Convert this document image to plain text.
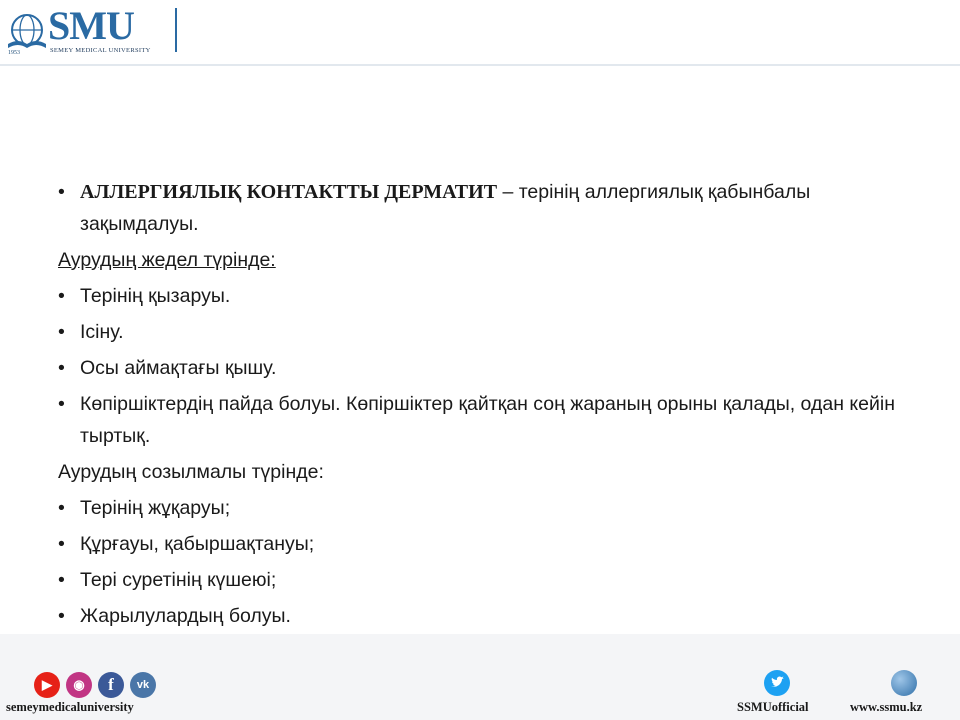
1953
SMU
SEMEY MEDICAL UNIVERSITY
• АЛЛЕРГИЯЛЫҚ КОНТАКТТЫ ДЕРМАТИТ – терінің аллергиялық қабынбалы зақымдалуы.
Аурудың жедел түрінде:
• Терінің қызаруы.
• Ісіну.
• Осы аймақтағы қышу.
• Көпіршіктердің пайда болуы. Көпіршіктер қайтқан соң жараның орыны қалады, одан кейін тыртық.
Аурудың созылмалы түрінде:
• Терінің жұқаруы;
• Құрғауы, қабыршақтануы;
• Тері суретінің күшеюі;
• Жарылулардың болуы.
▶	◉	f	vk
semeymedicaluniversity	SSMUofficial	www.ssmu.kz
